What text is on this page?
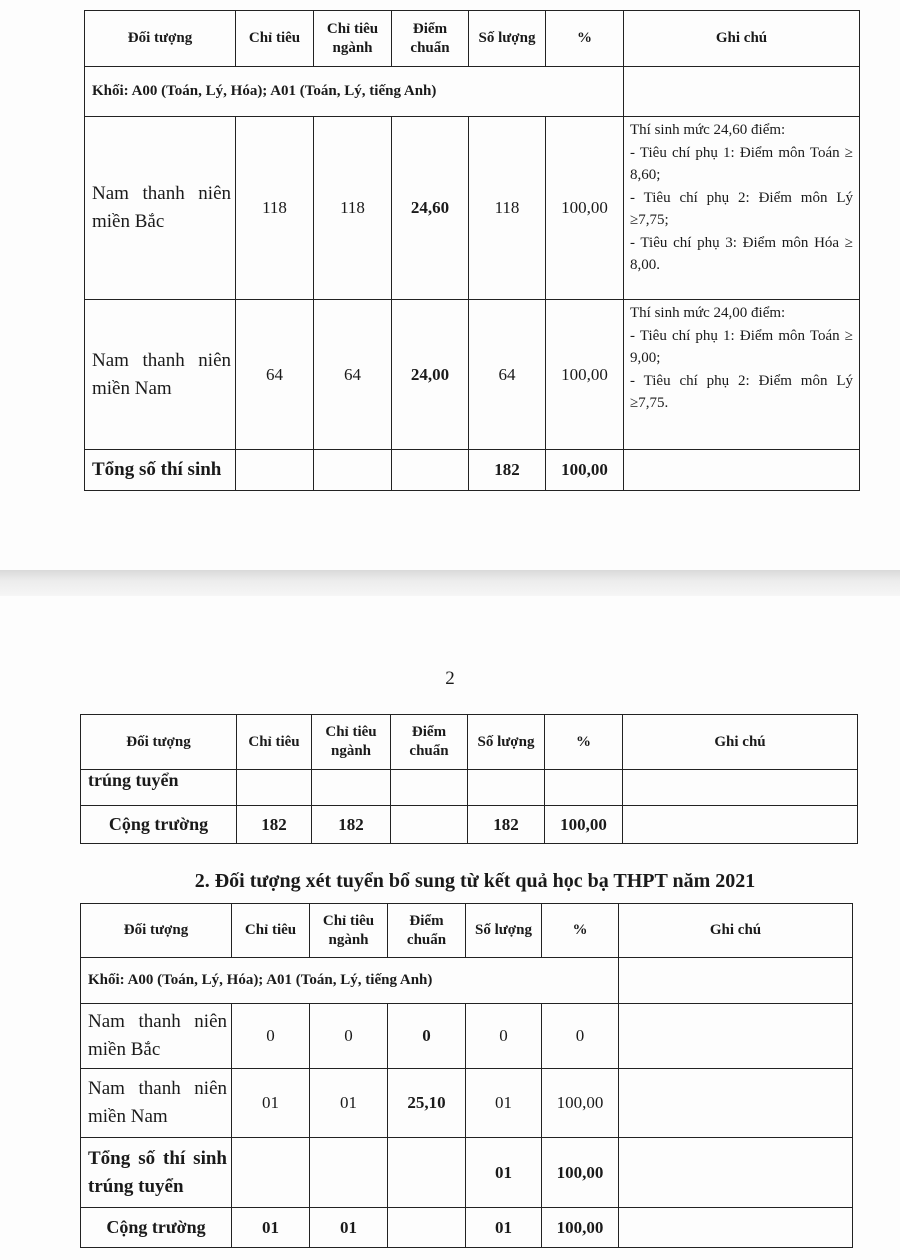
Đối tượng	Chỉ tiêu	Chỉ tiêu ngành	Điểm chuẩn	Số lượng	%	Ghi chú
Khối: A00 (Toán, Lý, Hóa); A01 (Toán, Lý, tiếng Anh)						
Nam thanh niên miền Bắc	118	118	24,60	118	100,00	Thí sinh mức 24,60 điểm:
- Tiêu chí phụ 1: Điểm môn Toán ≥ 8,60;
- Tiêu chí phụ 2: Điểm môn Lý ≥7,75;
- Tiêu chí phụ 3: Điểm môn Hóa ≥ 8,00.

Nam thanh niên miền Nam	64	64	24,00	64	100,00	Thí sinh mức 24,00 điểm:
- Tiêu chí phụ 1: Điểm môn Toán ≥ 9,00;
- Tiêu chí phụ 2: Điểm môn Lý ≥7,75.

Tổng số thí sinh				182	100,00	
2
Đối tượng	Chỉ tiêu	Chỉ tiêu ngành	Điểm chuẩn	Số lượng	%	Ghi chú
trúng tuyển						
Cộng trường	182	182		182	100,00	
2. Đối tượng xét tuyển bổ sung từ kết quả học bạ THPT năm 2021
Đối tượng	Chỉ tiêu	Chỉ tiêu ngành	Điểm chuẩn	Số lượng	%	Ghi chú
Khối: A00 (Toán, Lý, Hóa); A01 (Toán, Lý, tiếng Anh)						
Nam thanh niên miền Bắc	0	0	0	0	0	
Nam thanh niên miền Nam	01	01	25,10	01	100,00	
Tổng số thí sinh trúng tuyển				01	100,00	
Cộng trường	01	01		01	100,00	
